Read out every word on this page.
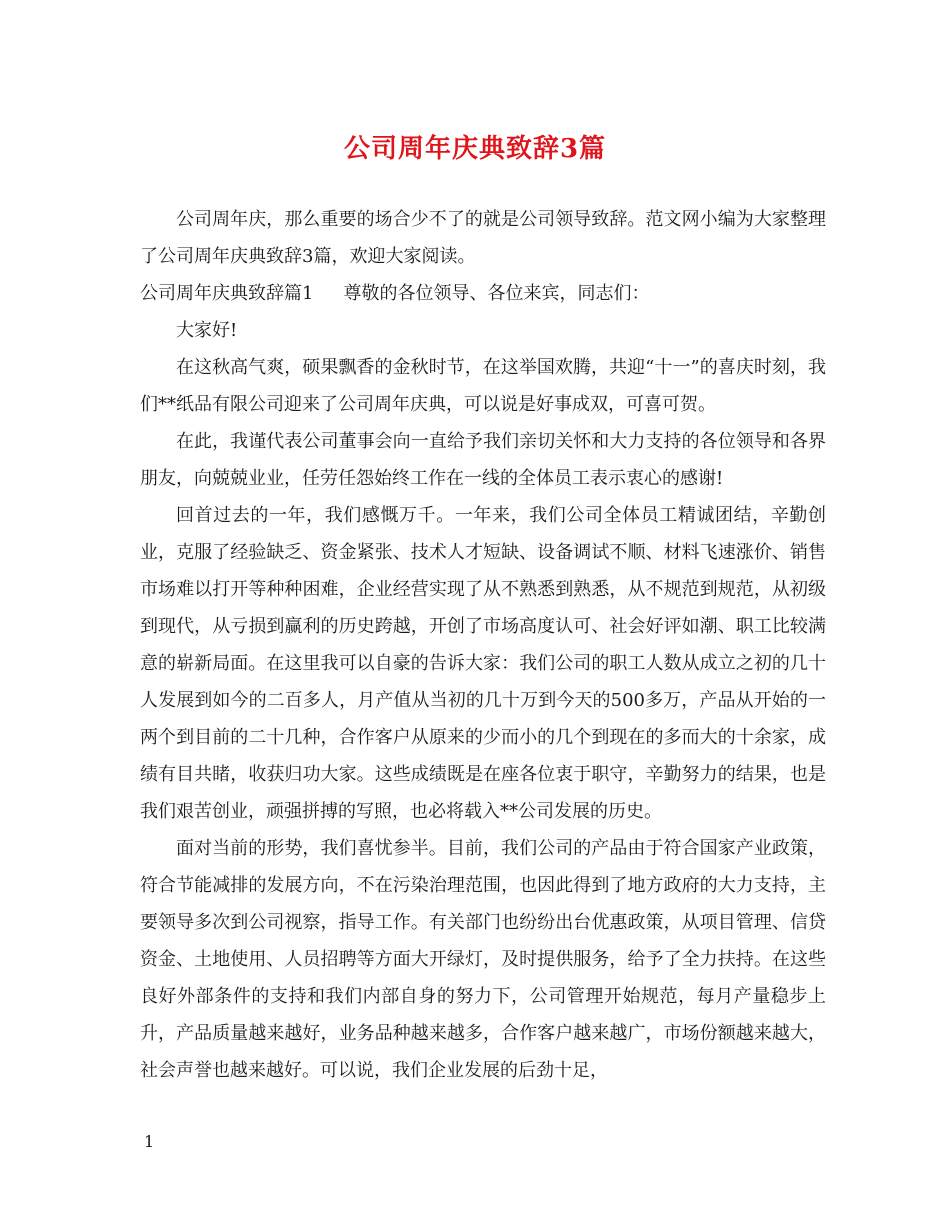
公司周年庆典致辞3篇

公司周年庆，那么重要的场合少不了的就是公司领导致辞。范文网小编为大家整理了公司周年庆典致辞3篇，欢迎大家阅读。

公司周年庆典致辞篇1 尊敬的各位领导、各位来宾，同志们：

大家好!

在这秋高气爽，硕果飘香的金秋时节，在这举国欢腾，共迎“十一”的喜庆时刻，我们**纸品有限公司迎来了公司周年庆典，可以说是好事成双，可喜可贺。

在此，我谨代表公司董事会向一直给予我们亲切关怀和大力支持的各位领导和各界朋友，向兢兢业业，任劳任怨始终工作在一线的全体员工表示衷心的感谢!

回首过去的一年，我们感慨万千。一年来，我们公司全体员工精诚团结，辛勤创业，克服了经验缺乏、资金紧张、技术人才短缺、设备调试不顺、材料飞速涨价、销售市场难以打开等种种困难，企业经营实现了从不熟悉到熟悉，从不规范到规范，从初级到现代，从亏损到赢利的历史跨越，开创了市场高度认可、社会好评如潮、职工比较满意的崭新局面。在这里我可以自豪的告诉大家：我们公司的职工人数从成立之初的几十人发展到如今的二百多人，月产值从当初的几十万到今天的500多万，产品从开始的一两个到目前的二十几种，合作客户从原来的少而小的几个到现在的多而大的十余家，成绩有目共睹，收获归功大家。这些成绩既是在座各位衷于职守，辛勤努力的结果，也是我们艰苦创业，顽强拼搏的写照，也必将载入**公司发展的历史。

面对当前的形势，我们喜忧参半。目前，我们公司的产品由于符合国家产业政策，符合节能减排的发展方向，不在污染治理范围，也因此得到了地方政府的大力支持，主要领导多次到公司视察，指导工作。有关部门也纷纷出台优惠政策，从项目管理、信贷资金、土地使用、人员招聘等方面大开绿灯，及时提供服务，给予了全力扶持。在这些良好外部条件的支持和我们内部自身的努力下，公司管理开始规范，每月产量稳步上升，产品质量越来越好，业务品种越来越多，合作客户越来越广，市场份额越来越大，社会声誉也越来越好。可以说，我们企业发展的后劲十足，

1
